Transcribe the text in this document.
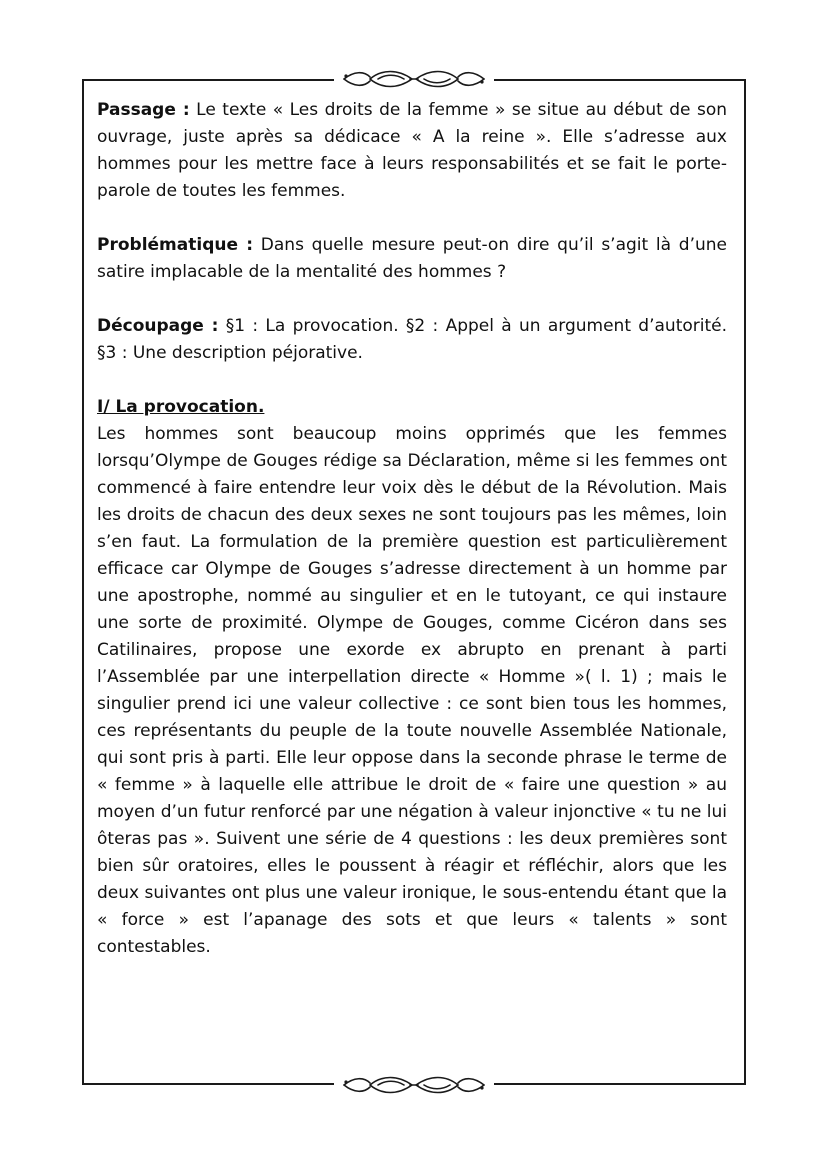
Passage : Le texte « Les droits de la femme » se situe au début de son ouvrage, juste après sa dédicace « A la reine ». Elle s’adresse aux hommes pour les mettre face à leurs responsabilités et se fait le porte-parole de toutes les femmes.

Problématique : Dans quelle mesure peut-on dire qu’il s’agit là d’une satire implacable de la mentalité des hommes ?

Découpage : §1 : La provocation. §2 : Appel à un argument d’autorité. §3 : Une description péjorative.

I/ La provocation.

Les hommes sont beaucoup moins opprimés que les femmes lorsqu’Olympe de Gouges rédige sa Déclaration, même si les femmes ont commencé à faire entendre leur voix dès le début de la Révolution. Mais les droits de chacun des deux sexes ne sont toujours pas les mêmes, loin s’en faut. La formulation de la première question est particulièrement efficace car Olympe de Gouges s’adresse directement à un homme par une apostrophe, nommé au singulier et en le tutoyant, ce qui instaure une sorte de proximité. Olympe de Gouges, comme Cicéron dans ses Catilinaires, propose une exorde ex abrupto en prenant à parti l’Assemblée par une interpellation directe « Homme »( l. 1) ; mais le singulier prend ici une valeur collective : ce sont bien tous les hommes, ces représentants du peuple de la toute nouvelle Assemblée Nationale, qui sont pris à parti. Elle leur oppose dans la seconde phrase le terme de « femme » à laquelle elle attribue le droit de « faire une question » au moyen d’un futur renforcé par une négation à valeur injonctive « tu ne lui ôteras pas ». Suivent une série de 4 questions : les deux premières sont bien sûr oratoires, elles le poussent à réagir et réfléchir, alors que les deux suivantes ont plus une valeur ironique, le sous-entendu étant que la « force » est l’apanage des sots et que leurs « talents » sont contestables.
